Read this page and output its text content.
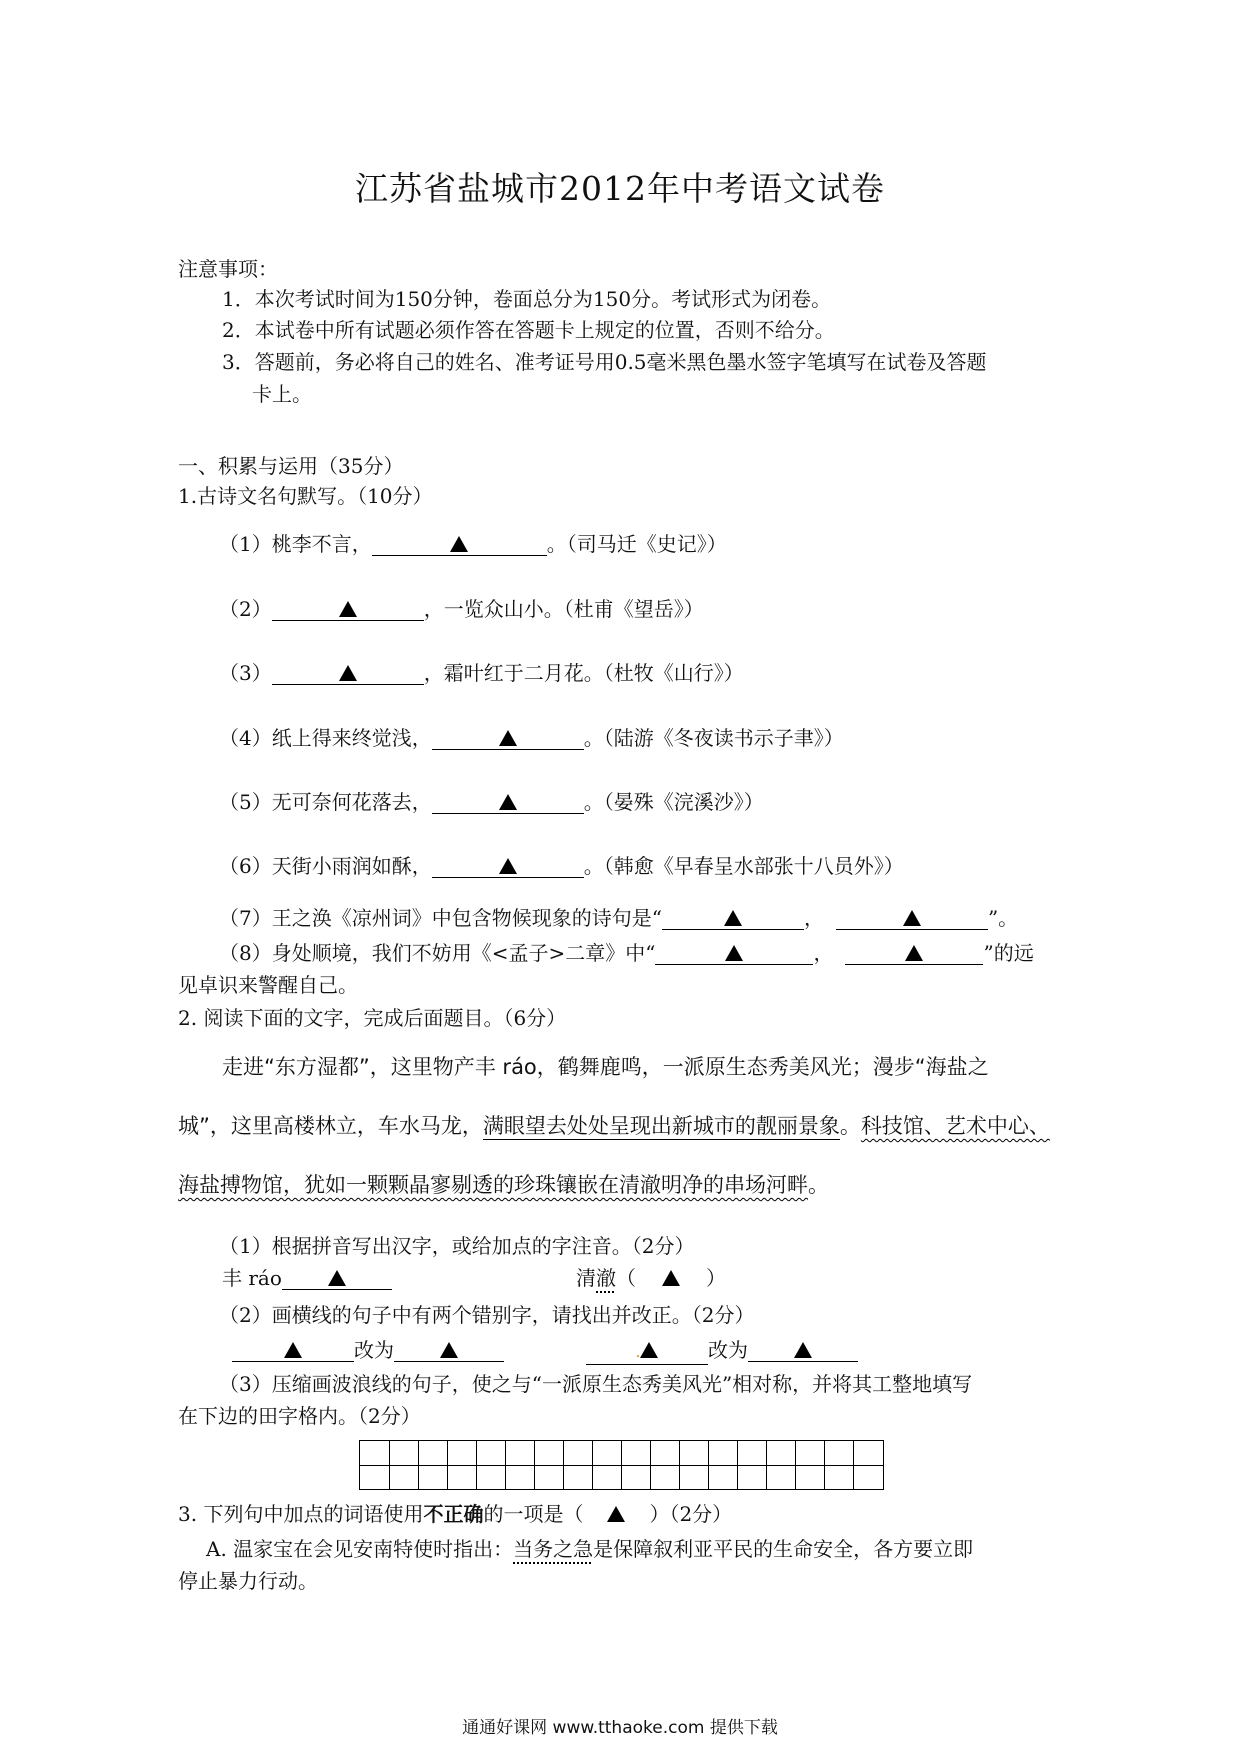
江苏省盐城市2012年中考语文试卷
注意事项：
1．本次考试时间为150分钟，卷面总分为150分。考试形式为闭卷。
2．本试卷中所有试题必须作答在答题卡上规定的位置，否则不给分。
3．答题前，务必将自己的姓名、准考证号用0.5毫米黑色墨水签字笔填写在试卷及答题
卡上。
一、积累与运用（35分）
1.古诗文名句默写。（10分）
（1）桃李不言，	。（司马迁《史记》）
（2）	，一览众山小。（杜甫《望岳》）
（3）	，霜叶红于二月花。（杜牧《山行》）
（4）纸上得来终觉浅，	。（陆游《冬夜读书示子聿》）
（5）无可奈何花落去，	。（晏殊《浣溪沙》）
（6）天街小雨润如酥，	。（韩愈《早春呈水部张十八员外》）
（7）王之涣《凉州词》中包含物候现象的诗句是“	，	”。
（8）身处顺境，我们不妨用《<孟子>二章》中“	，	”的远
见卓识来警醒自己。
2. 阅读下面的文字，完成后面题目。（6分）
走进“东方湿都”，这里物产丰 ráo，鹤舞鹿鸣，一派原生态秀美风光；漫步“海盐之
城”，这里高楼林立，车水马龙，满眼望去处处呈现出新城市的靓丽景象。科技馆、艺术中心、
海盐搏物馆，犹如一颗颗晶寥剔透的珍珠镶嵌在清澈明净的串场河畔。
（1）根据拼音写出汉字，或给加点的字注音。（2分）
丰 ráo	清澈（	）
（2）画横线的句子中有两个错别字，请找出并改正。（2分）
改为	.	改为
（3）压缩画波浪线的句子，使之与“一派原生态秀美风光”相对称，并将其工整地填写
在下边的田字格内。（2分）
3. 下列句中加点的词语使用不正确的一项是（	）（2分）
A. 温家宝在会见安南特使时指出：当务之急是保障叙利亚平民的生命安全，各方要立即
停止暴力行动。
通通好课网 www.tthaoke.com 提供下载
